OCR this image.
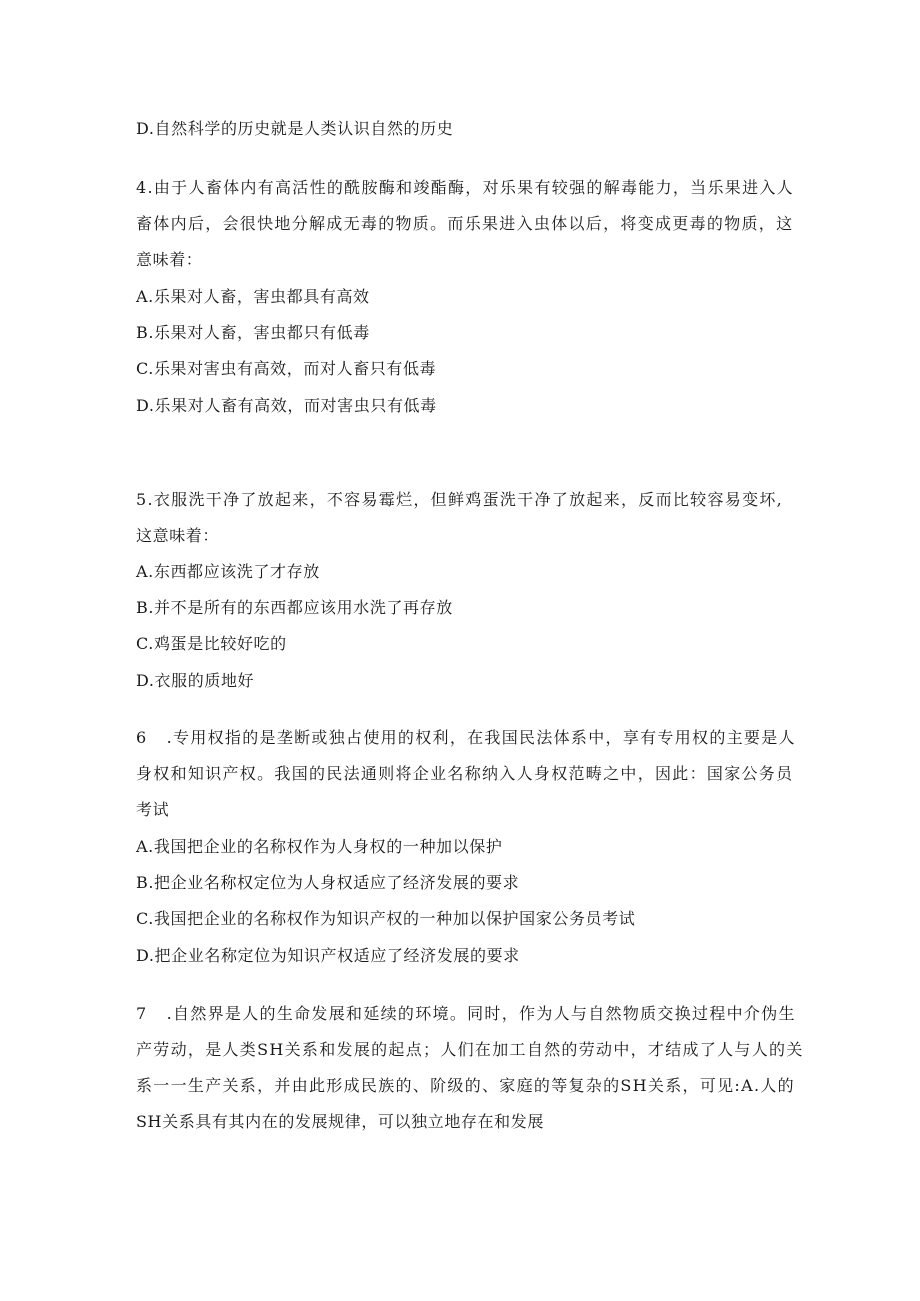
D.自然科学的历史就是人类认识自然的历史
4.由于人畜体内有高活性的酰胺酶和竣酯酶，对乐果有较强的解毒能力，当乐果进入人
畜体内后，会很快地分解成无毒的物质。而乐果进入虫体以后，将变成更毒的物质，这
意味着：
A.乐果对人畜，害虫都具有高效
B.乐果对人畜，害虫都只有低毒
C.乐果对害虫有高效，而对人畜只有低毒
D.乐果对人畜有高效，而对害虫只有低毒
5.衣服洗干净了放起来，不容易霉烂，但鲜鸡蛋洗干净了放起来，反而比较容易变坏,
这意味着：
A.东西都应该洗了才存放
B.并不是所有的东西都应该用水洗了再存放
C.鸡蛋是比较好吃的
D.衣服的质地好
6   .专用权指的是垄断或独占使用的权利，在我国民法体系中，享有专用权的主要是人
身权和知识产权。我国的民法通则将企业名称纳入人身权范畴之中，因此：国家公务员
考试
A.我国把企业的名称权作为人身权的一种加以保护
B.把企业名称权定位为人身权适应了经济发展的要求
C.我国把企业的名称权作为知识产权的一种加以保护国家公务员考试
D.把企业名称定位为知识产权适应了经济发展的要求
7   .自然界是人的生命发展和延续的环境。同时，作为人与自然物质交换过程中介伪生
产劳动，是人类SH关系和发展的起点；人们在加工自然的劳动中，才结成了人与人的关
系一一生产关系，并由此形成民族的、阶级的、家庭的等复杂的SH关系，可见:A.人的
SH关系具有其内在的发展规律，可以独立地存在和发展
